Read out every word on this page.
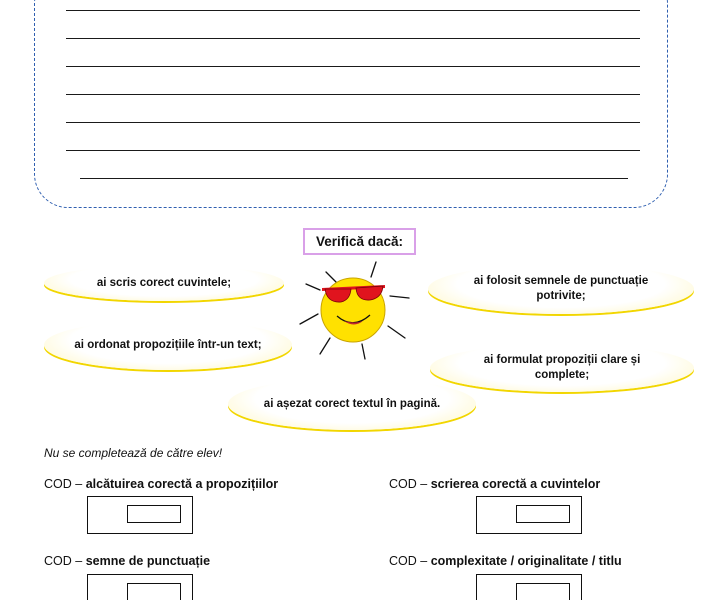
Verifică dacă:
ai scris corect cuvintele;	ai folosit semnele de punctuație potrivite;
ai ordonat propozițiile într-un text;
ai formulat propoziții clare și complete;
ai așezat corect textul în pagină.
Nu se completează de către elev!
COD – alcătuirea corectă a propozițiilor	COD – scrierea corectă a cuvintelor
COD – semne de punctuație	COD – complexitate / originalitate / titlu
